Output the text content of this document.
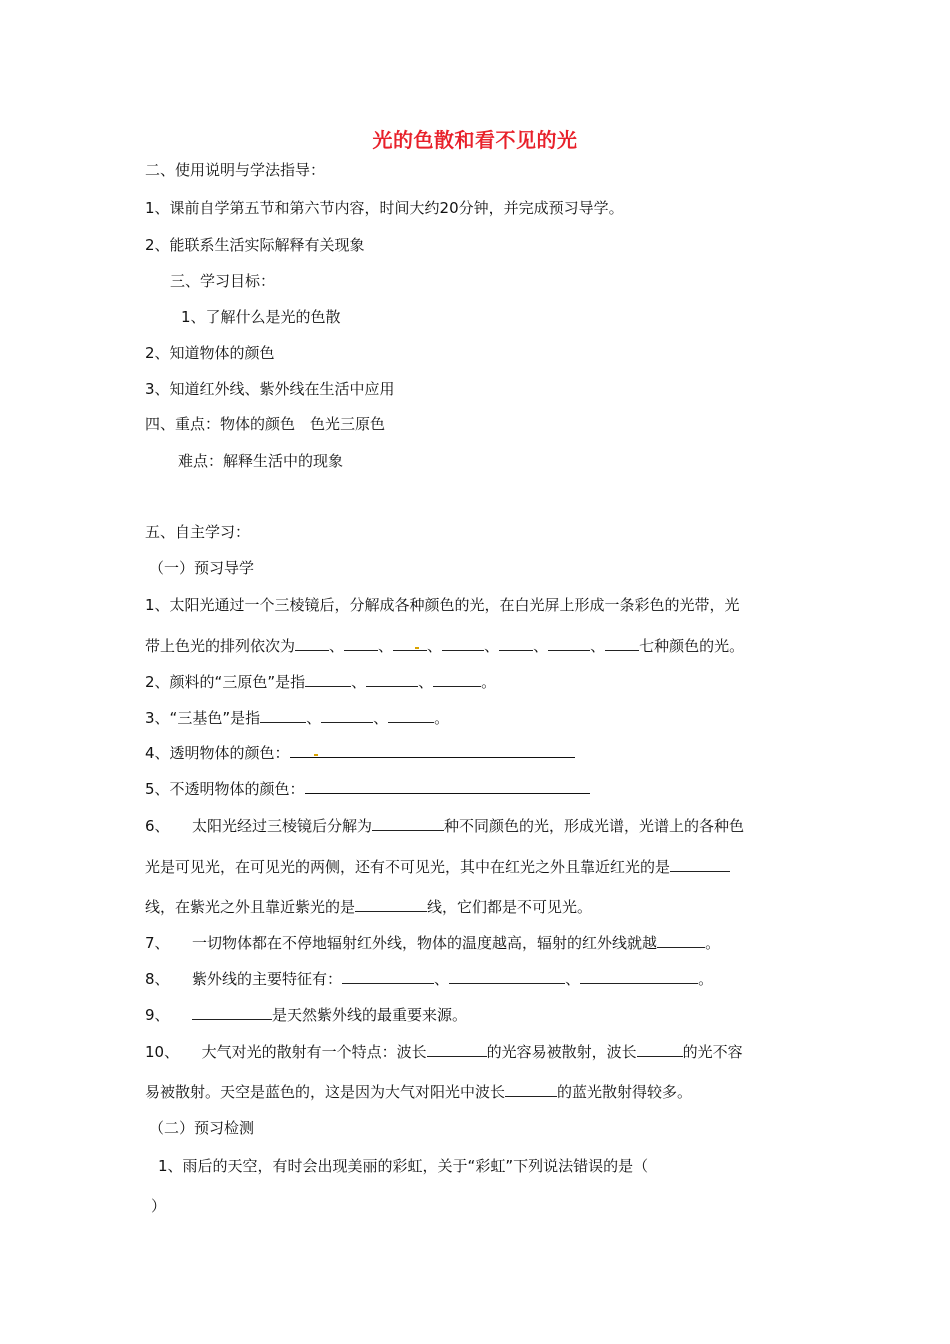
光的色散和看不见的光
二、使用说明与学法指导：
1、课前自学第五节和第六节内容，时间大约20分钟，并完成预习导学。
2、能联系生活实际解释有关现象
三、学习目标：
1、了解什么是光的色散
2、知道物体的颜色
3、知道红外线、紫外线在生活中应用
四、重点：物体的颜色　色光三原色
难点：解释生活中的现象
五、自主学习：
（一）预习导学
1、太阳光通过一个三棱镜后，分解成各种颜色的光，在白光屏上形成一条彩色的光带，光
带上色光的排列依次为 、 、 、	、 、	、 七种颜色的光。
2、颜料的“三原色”是指	、	、	。
3、“三基色”是指	、	、	。
4、透明物体的颜色：
5、不透明物体的颜色：
6、　　太阳光经过三棱镜后分解为	种不同颜色的光，形成光谱，光谱上的各种色
光是可见光，在可见光的两侧，还有不可见光，其中在红光之外且靠近红光的是
线，在紫光之外且靠近紫光的是	线，它们都是不可见光。
7、　　一切物体都在不停地辐射红外线，物体的温度越高，辐射的红外线就越	。
8、　　紫外线的主要特征有：	、	、	。
9、　　	是天然紫外线的最重要来源。
10、　　大气对光的散射有一个特点：波长	的光容易被散射，波长	的光不容
易被散射。天空是蓝色的，这是因为大气对阳光中波长	的蓝光散射得较多。
（二）预习检测
1、雨后的天空，有时会出现美丽的彩虹，关于“彩虹”下列说法错误的是（
）
